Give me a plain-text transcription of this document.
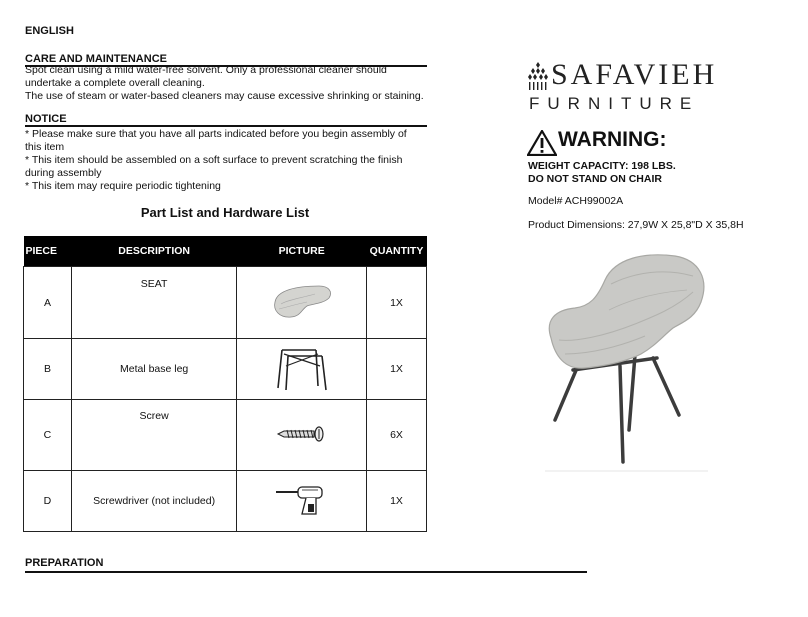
ENGLISH
CARE AND MAINTENANCE

Spot clean using a mild water-free solvent. Only a professional cleaner should

undertake a complete overall cleaning.

The use of steam or water-based cleaners may cause excessive shrinking or staining.

NOTICE

* Please make sure that you have all parts indicated before you begin assembly of

this item

* This item should be assembled on a soft surface to prevent scratching the finish

during assembly

* This item may require periodic tightening

Part List and Hardware List
PIECE	DESCRIPTION	PICTURE	QUANTITY
A	SEAT		1X
B	Metal base leg		1X
C	Screw		6X
D	Screwdriver (not included)		1X
PREPARATION
SAFAVIEH
FURNITURE
WARNING:
WEIGHT CAPACITY: 198 LBS.
DO NOT STAND ON CHAIR
Model# ACH99002A
Product Dimensions: 27,9W X 25,8"D X 35,8H
